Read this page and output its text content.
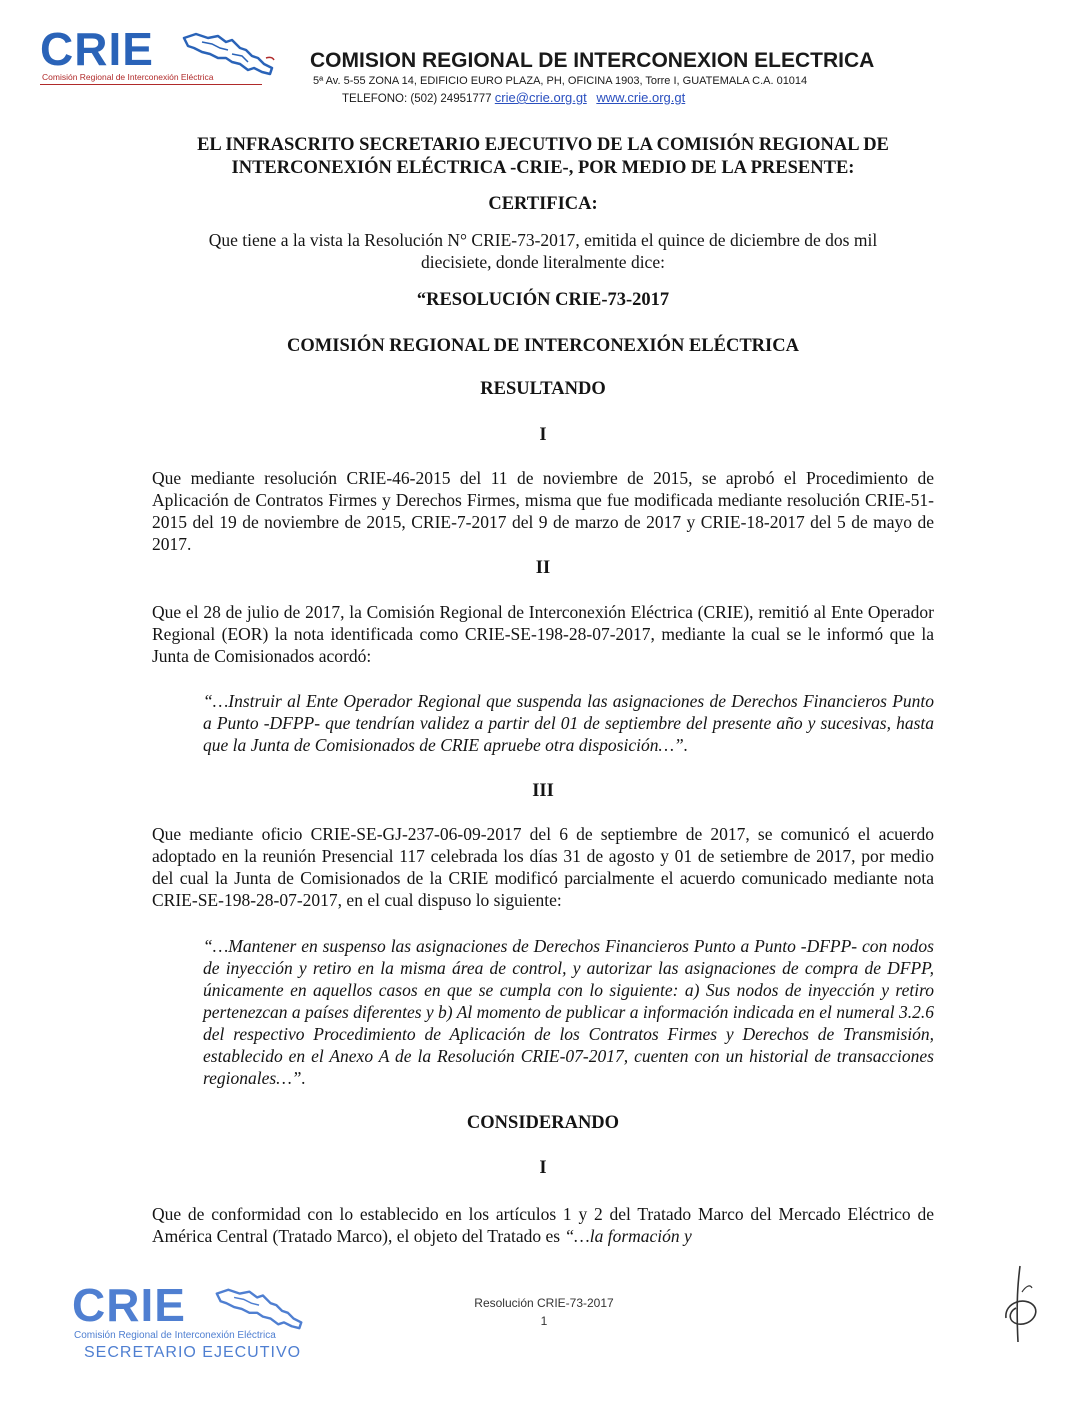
CRIE
Comisión Regional de Interconexión Eléctrica
COMISION REGIONAL DE INTERCONEXION ELECTRICA
5ª Av. 5-55 ZONA 14, EDIFICIO EURO PLAZA, PH, OFICINA 1903, Torre I, GUATEMALA C.A. 01014
TELEFONO: (502) 24951777 crie@crie.org.gt www.crie.org.gt
EL INFRASCRITO SECRETARIO EJECUTIVO DE LA COMISIÓN REGIONAL DE
INTERCONEXIÓN ELÉCTRICA -CRIE-, POR MEDIO DE LA PRESENTE:
CERTIFICA:
Que tiene a la vista la Resolución N° CRIE-73-2017, emitida el quince de diciembre de dos mil
diecisiete, donde literalmente dice:
“RESOLUCIÓN CRIE-73-2017
COMISIÓN REGIONAL DE INTERCONEXIÓN ELÉCTRICA
RESULTANDO
I

Que mediante resolución CRIE-46-2015 del 11 de noviembre de 2015, se aprobó el Procedimiento de Aplicación de Contratos Firmes y Derechos Firmes, misma que fue modificada mediante resolución CRIE-51-2015 del 19 de noviembre de 2015, CRIE-7-2017 del 9 de marzo de 2017 y CRIE-18-2017 del 5 de mayo de 2017.

II

Que el 28 de julio de 2017, la Comisión Regional de Interconexión Eléctrica (CRIE), remitió al Ente Operador Regional (EOR) la nota identificada como CRIE-SE-198-28-07-2017, mediante la cual se le informó que la Junta de Comisionados acordó:

“…Instruir al Ente Operador Regional que suspenda las asignaciones de Derechos Financieros Punto a Punto -DFPP- que tendrían validez a partir del 01 de septiembre del presente año y sucesivas, hasta que la Junta de Comisionados de CRIE apruebe otra disposición…”.

III

Que mediante oficio CRIE-SE-GJ-237-06-09-2017 del 6 de septiembre de 2017, se comunicó el acuerdo adoptado en la reunión Presencial 117 celebrada los días 31 de agosto y 01 de setiembre de 2017, por medio del cual la Junta de Comisionados de la CRIE modificó parcialmente el acuerdo comunicado mediante nota CRIE-SE-198-28-07-2017, en el cual dispuso lo siguiente:

“…Mantener en suspenso las asignaciones de Derechos Financieros Punto a Punto -DFPP- con nodos de inyección y retiro en la misma área de control, y autorizar las asignaciones de compra de DFPP, únicamente en aquellos casos en que se cumpla con lo siguiente: a) Sus nodos de inyección y retiro pertenezcan a países diferentes y b) Al momento de publicar a información indicada en el numeral 3.2.6 del respectivo Procedimiento de Aplicación de los Contratos Firmes y Derechos de Transmisión, establecido en el Anexo A de la Resolución CRIE-07-2017, cuenten con un historial de transacciones regionales…”.

CONSIDERANDO
I

Que de conformidad con lo establecido en los artículos 1 y 2 del Tratado Marco del Mercado Eléctrico de América Central (Tratado Marco), el objeto del Tratado es “…la formación y

CRIE
Comisión Regional de Interconexión Eléctrica
SECRETARIO EJECUTIVO
Resolución CRIE-73-2017
1
